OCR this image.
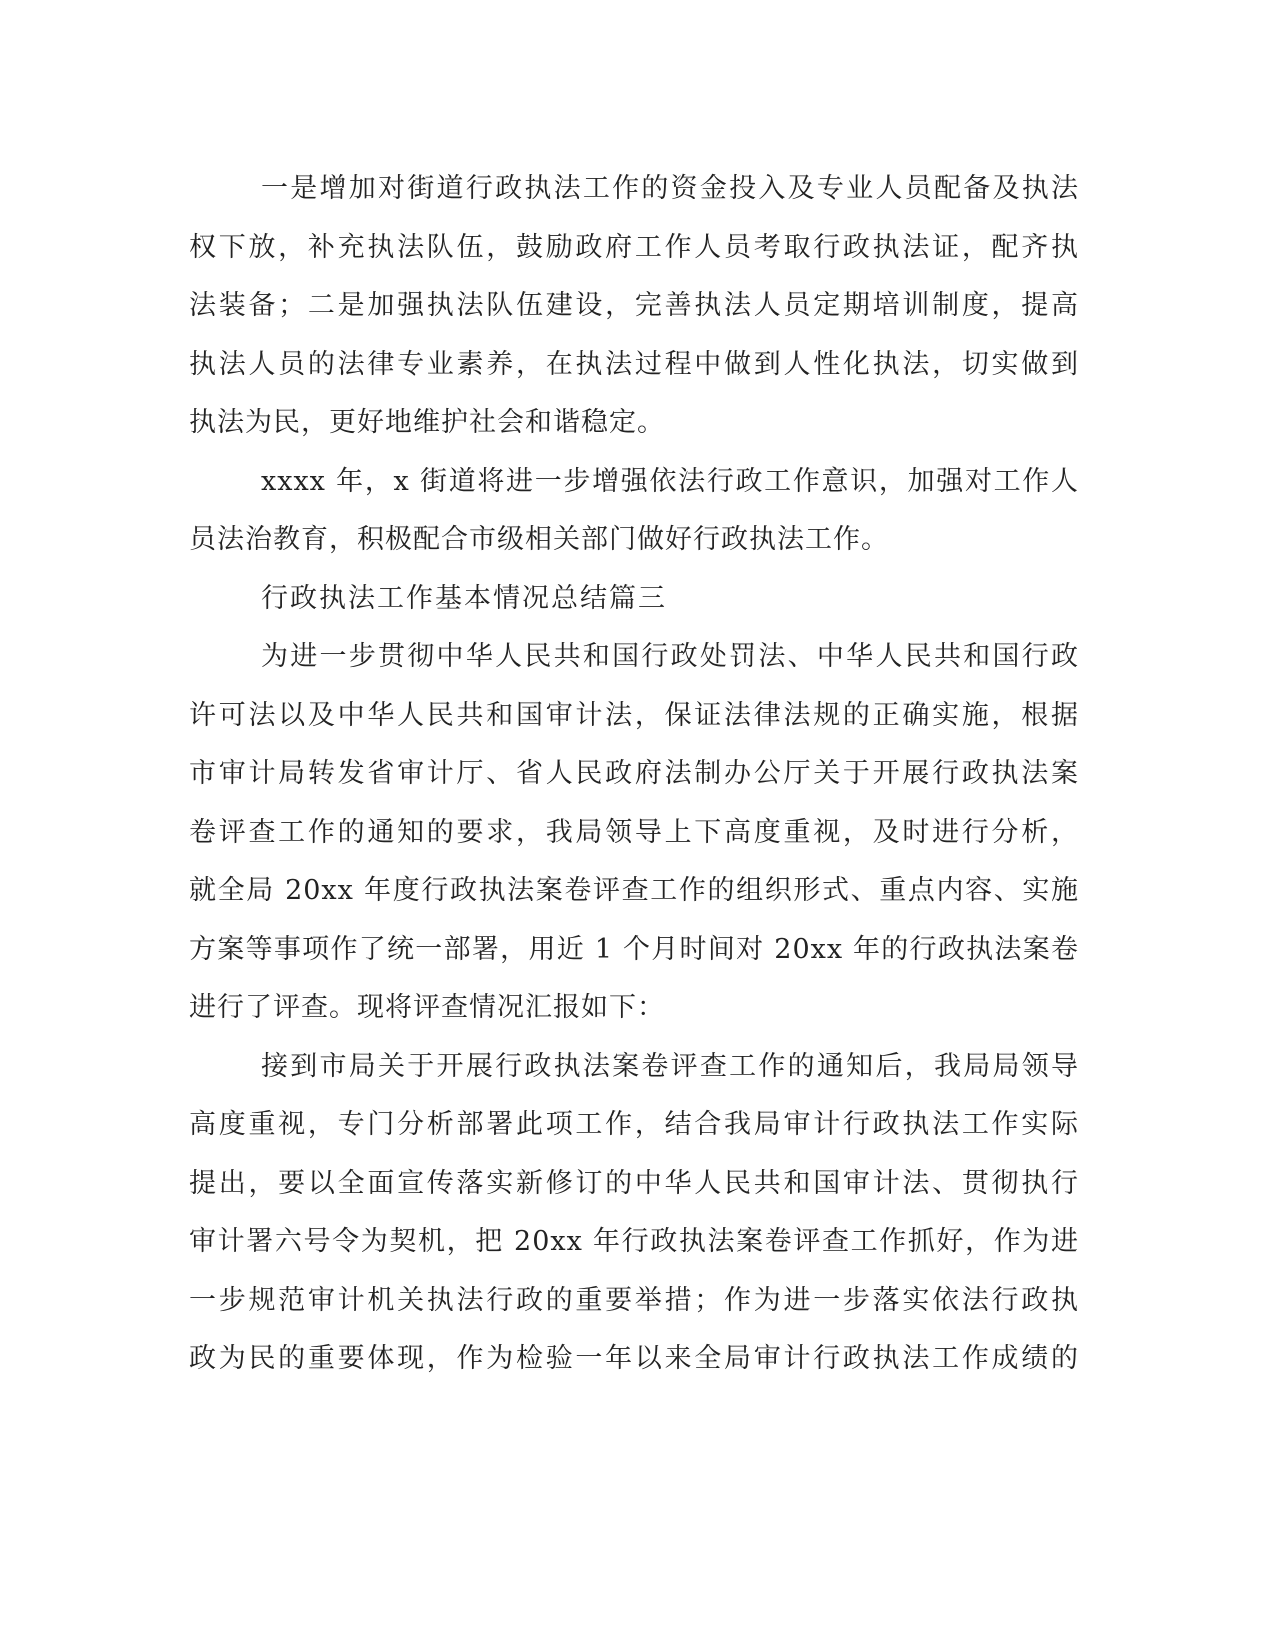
一是增加对街道行政执法工作的资金投入及专业人员配备及执法
权下放，补充执法队伍，鼓励政府工作人员考取行政执法证，配齐执
法装备；二是加强执法队伍建设，完善执法人员定期培训制度，提高
执法人员的法律专业素养，在执法过程中做到人性化执法，切实做到
执法为民，更好地维护社会和谐稳定。
xxxx 年，x 街道将进一步增强依法行政工作意识，加强对工作人
员法治教育，积极配合市级相关部门做好行政执法工作。
行政执法工作基本情况总结篇三
为进一步贯彻中华人民共和国行政处罚法、中华人民共和国行政
许可法以及中华人民共和国审计法，保证法律法规的正确实施，根据
市审计局转发省审计厅、省人民政府法制办公厅关于开展行政执法案
卷评查工作的通知的要求，我局领导上下高度重视，及时进行分析，
就全局 20xx 年度行政执法案卷评查工作的组织形式、重点内容、实施
方案等事项作了统一部署，用近 1 个月时间对 20xx 年的行政执法案卷
进行了评查。现将评查情况汇报如下：
接到市局关于开展行政执法案卷评查工作的通知后，我局局领导
高度重视，专门分析部署此项工作，结合我局审计行政执法工作实际
提出，要以全面宣传落实新修订的中华人民共和国审计法、贯彻执行
审计署六号令为契机，把 20xx 年行政执法案卷评查工作抓好，作为进
一步规范审计机关执法行政的重要举措；作为进一步落实依法行政执
政为民的重要体现，作为检验一年以来全局审计行政执法工作成绩的
